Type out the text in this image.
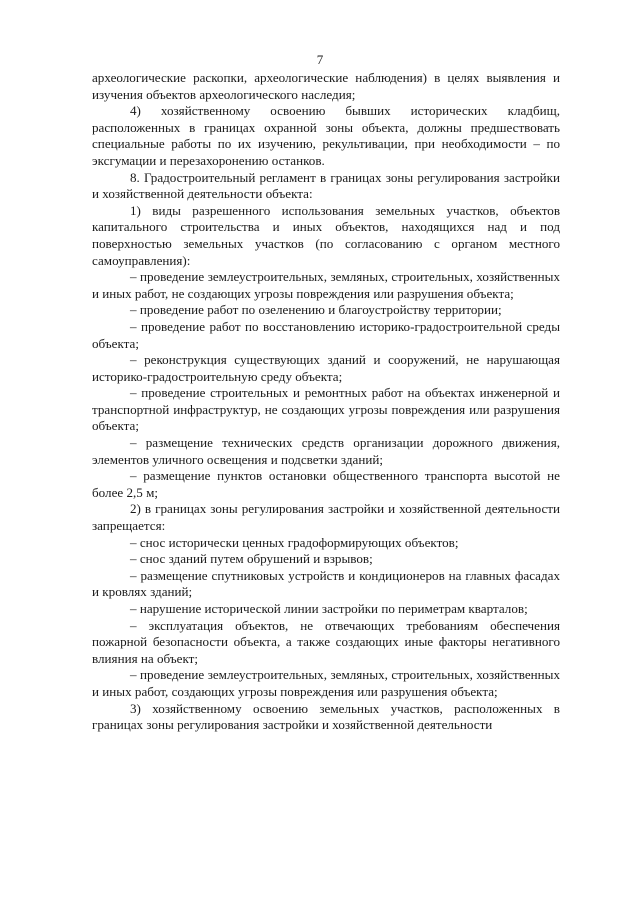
7

археологические раскопки, археологические наблюдения) в целях выявления и изучения объектов археологического наследия;

4) хозяйственному освоению бывших исторических кладбищ, расположенных в границах охранной зоны объекта, должны предшествовать специальные работы по их изучению, рекультивации, при необходимости – по эксгумации и перезахоронению останков.

8. Градостроительный регламент в границах зоны регулирования застройки и хозяйственной деятельности объекта:

1) виды разрешенного использования земельных участков, объектов капитального строительства и иных объектов, находящихся над и под поверхностью земельных участков (по согласованию с органом местного самоуправления):

– проведение землеустроительных, земляных, строительных, хозяйственных и иных работ, не создающих угрозы повреждения или разрушения объекта;

– проведение работ по озеленению и благоустройству территории;

– проведение работ по восстановлению историко-градостроительной среды объекта;

– реконструкция существующих зданий и сооружений, не нарушающая историко-градостроительную среду объекта;

– проведение строительных и ремонтных работ на объектах инженерной и транспортной инфраструктур, не создающих угрозы повреждения или разрушения объекта;

– размещение технических средств организации дорожного движения, элементов уличного освещения и подсветки зданий;

– размещение пунктов остановки общественного транспорта высотой не более 2,5 м;

2) в границах зоны регулирования застройки и хозяйственной деятельности запрещается:

– снос исторически ценных градоформирующих объектов;

– снос зданий путем обрушений и взрывов;

– размещение спутниковых устройств и кондиционеров на главных фасадах и кровлях зданий;

– нарушение исторической линии застройки по периметрам кварталов;

– эксплуатация объектов, не отвечающих требованиям обеспечения пожарной безопасности объекта, а также создающих иные факторы негативного влияния на объект;

– проведение землеустроительных, земляных, строительных, хозяйственных и иных работ, создающих угрозы повреждения или разрушения объекта;

3) хозяйственному освоению земельных участков, расположенных в границах зоны регулирования застройки и хозяйственной деятельности
